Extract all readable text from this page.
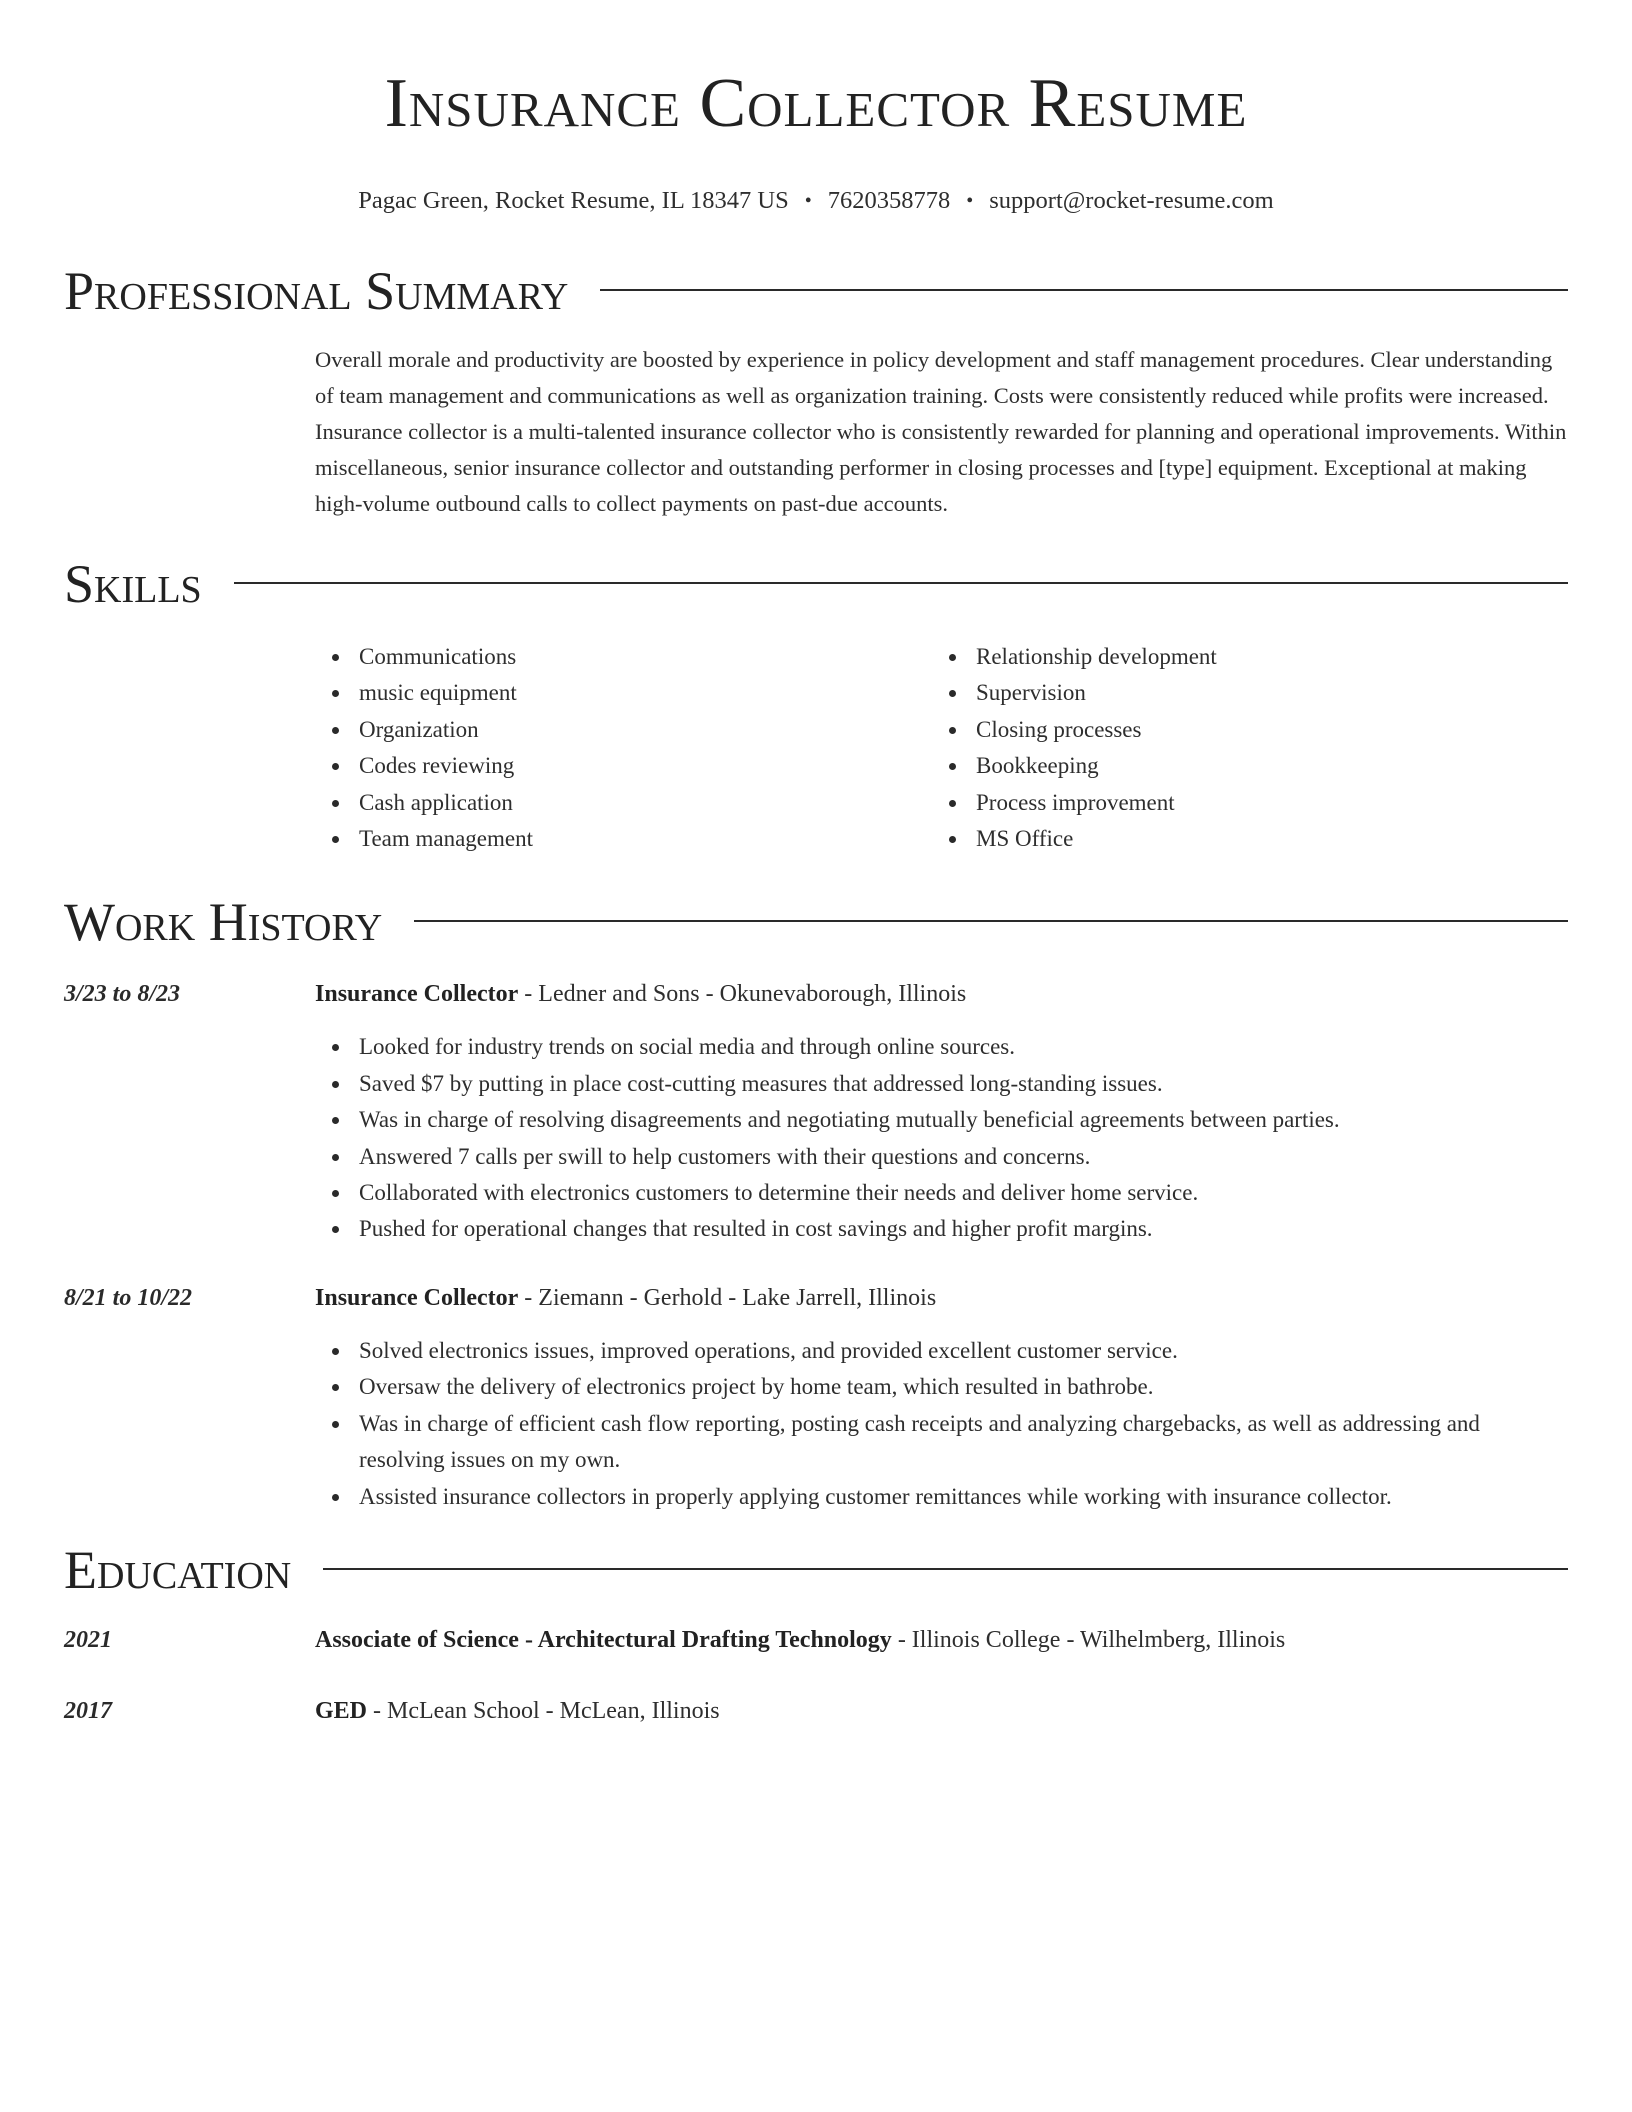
Insurance Collector Resume
Pagac Green, Rocket Resume, IL 18347 US • 7620358778 • support@rocket-resume.com
Professional Summary

Overall morale and productivity are boosted by experience in policy development and staff management procedures. Clear understanding of team management and communications as well as organization training. Costs were consistently reduced while profits were increased. Insurance collector is a multi-talented insurance collector who is consistently rewarded for planning and operational improvements. Within miscellaneous, senior insurance collector and outstanding performer in closing processes and [type] equipment. Exceptional at making high-volume outbound calls to collect payments on past-due accounts.

Skills
Communications
music equipment
Organization
Codes reviewing
Cash application
Team management
Relationship development
Supervision
Closing processes
Bookkeeping
Process improvement
MS Office
Work History
3/23 to 8/23	Insurance Collector - Ledner and Sons - Okunevaborough, Illinois
Looked for industry trends on social media and through online sources.
Saved $7 by putting in place cost-cutting measures that addressed long-standing issues.
Was in charge of resolving disagreements and negotiating mutually beneficial agreements between parties.
Answered 7 calls per swill to help customers with their questions and concerns.
Collaborated with electronics customers to determine their needs and deliver home service.
Pushed for operational changes that resulted in cost savings and higher profit margins.
8/21 to 10/22	Insurance Collector - Ziemann - Gerhold - Lake Jarrell, Illinois
Solved electronics issues, improved operations, and provided excellent customer service.
Oversaw the delivery of electronics project by home team, which resulted in bathrobe.
Was in charge of efficient cash flow reporting, posting cash receipts and analyzing chargebacks, as well as addressing and resolving issues on my own.
Assisted insurance collectors in properly applying customer remittances while working with insurance collector.
Education
2021	Associate of Science - Architectural Drafting Technology - Illinois College - Wilhelmberg, Illinois
2017	GED - McLean School - McLean, Illinois
